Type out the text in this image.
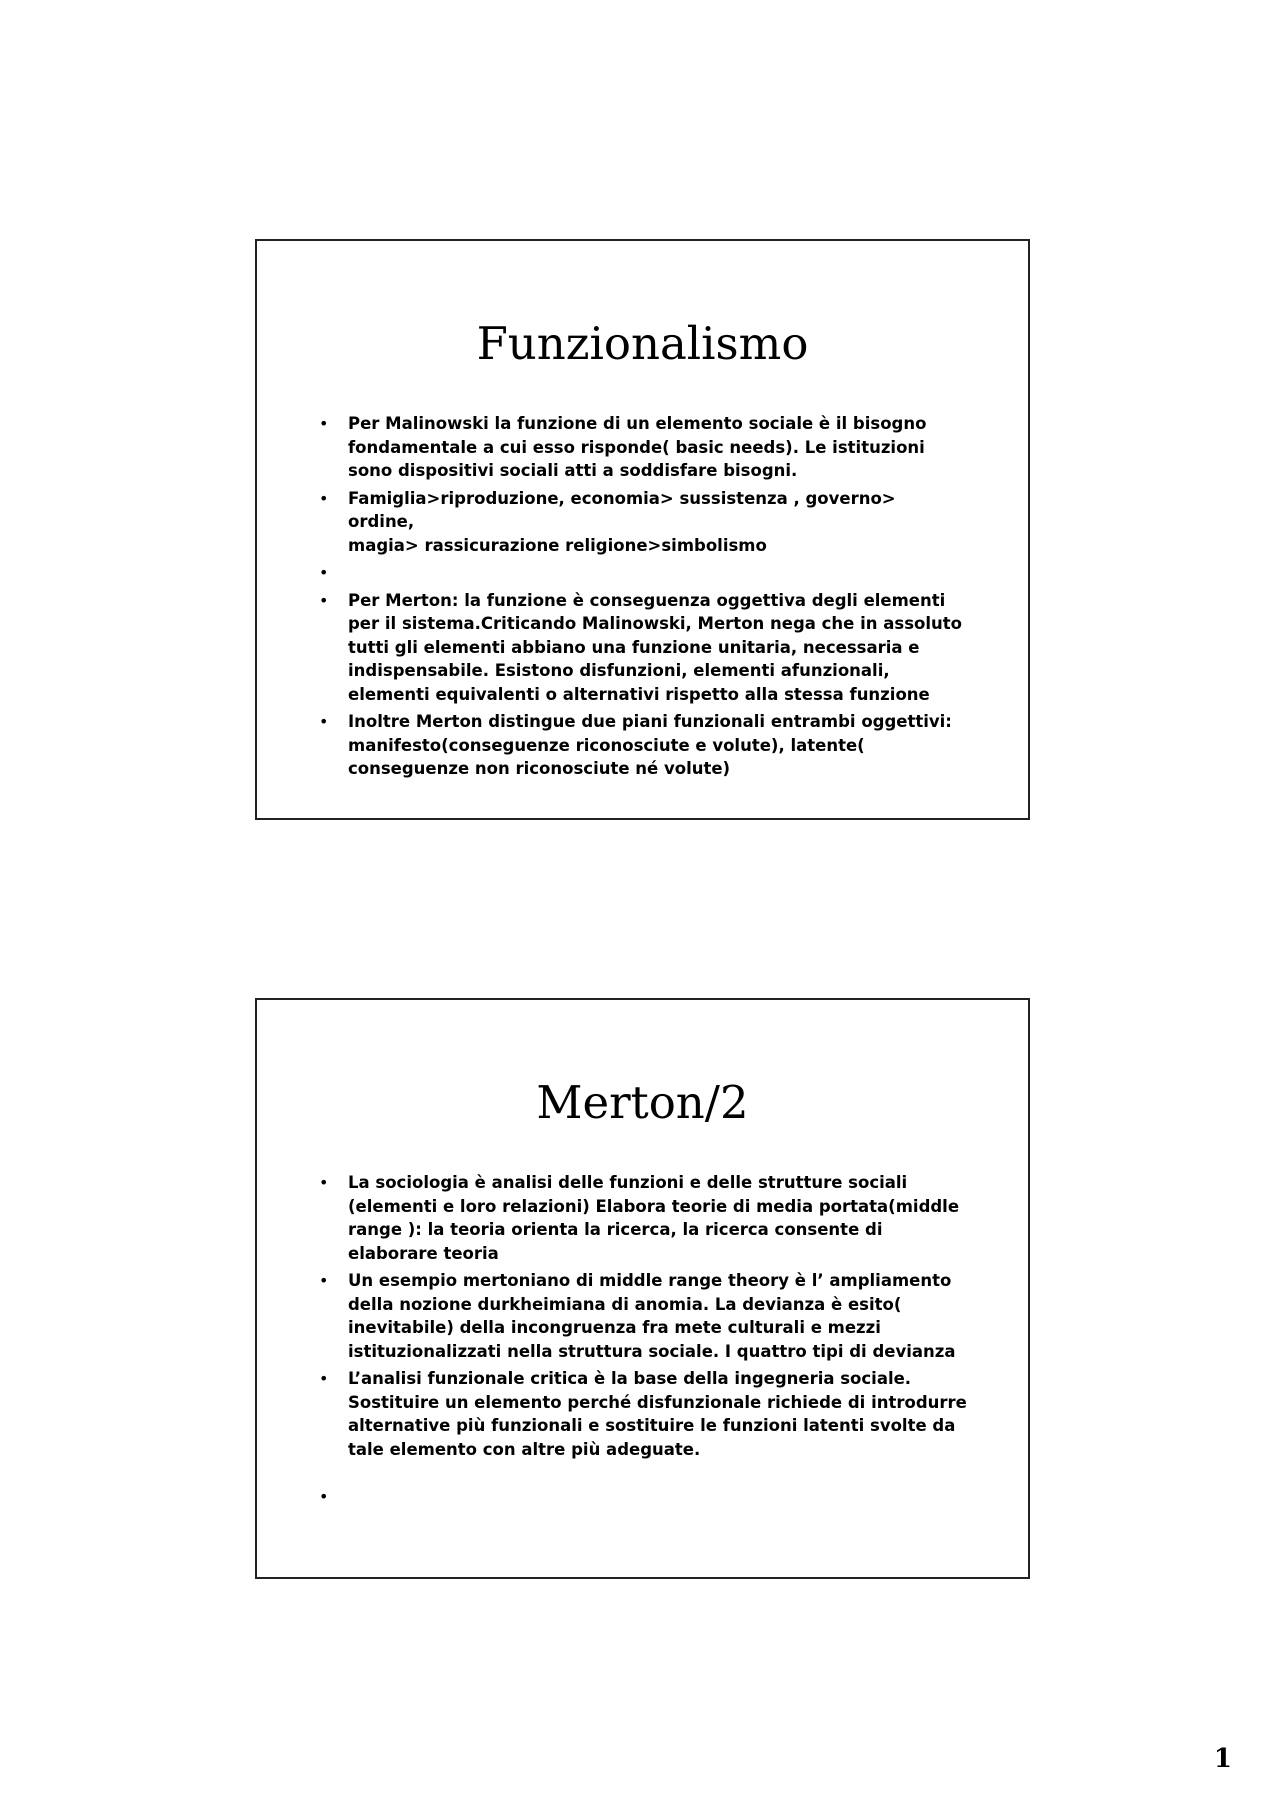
Funzionalismo
• Per Malinowski la funzione di un elemento sociale è il bisogno
fondamentale a cui esso risponde( basic needs). Le istituzioni
sono dispositivi sociali atti a soddisfare bisogni.
• Famiglia>riproduzione, economia> sussistenza , governo> ordine,
magia> rassicurazione religione>simbolismo
•
• Per Merton: la funzione è conseguenza oggettiva degli elementi
per il sistema.Criticando Malinowski, Merton nega che in assoluto
tutti gli elementi abbiano una funzione unitaria, necessaria e
indispensabile. Esistono disfunzioni, elementi afunzionali,
elementi equivalenti o alternativi rispetto alla stessa funzione
• Inoltre Merton distingue due piani funzionali entrambi oggettivi:
manifesto(conseguenze riconosciute e volute), latente(
conseguenze non riconosciute né volute)
Merton/2
• La sociologia è analisi delle funzioni e delle strutture sociali
(elementi e loro relazioni) Elabora teorie di media portata(middle
range ): la teoria orienta la ricerca, la ricerca consente di
elaborare teoria
• Un esempio mertoniano di middle range theory è l’ ampliamento
della nozione durkheimiana di anomia. La devianza è esito(
inevitabile) della incongruenza fra mete culturali e mezzi
istituzionalizzati nella struttura sociale. I quattro tipi di devianza
• L’analisi funzionale critica è la base della ingegneria sociale.
Sostituire un elemento perché disfunzionale richiede di introdurre
alternative più funzionali e sostituire le funzioni latenti svolte da
tale elemento con altre più adeguate.
•
1
